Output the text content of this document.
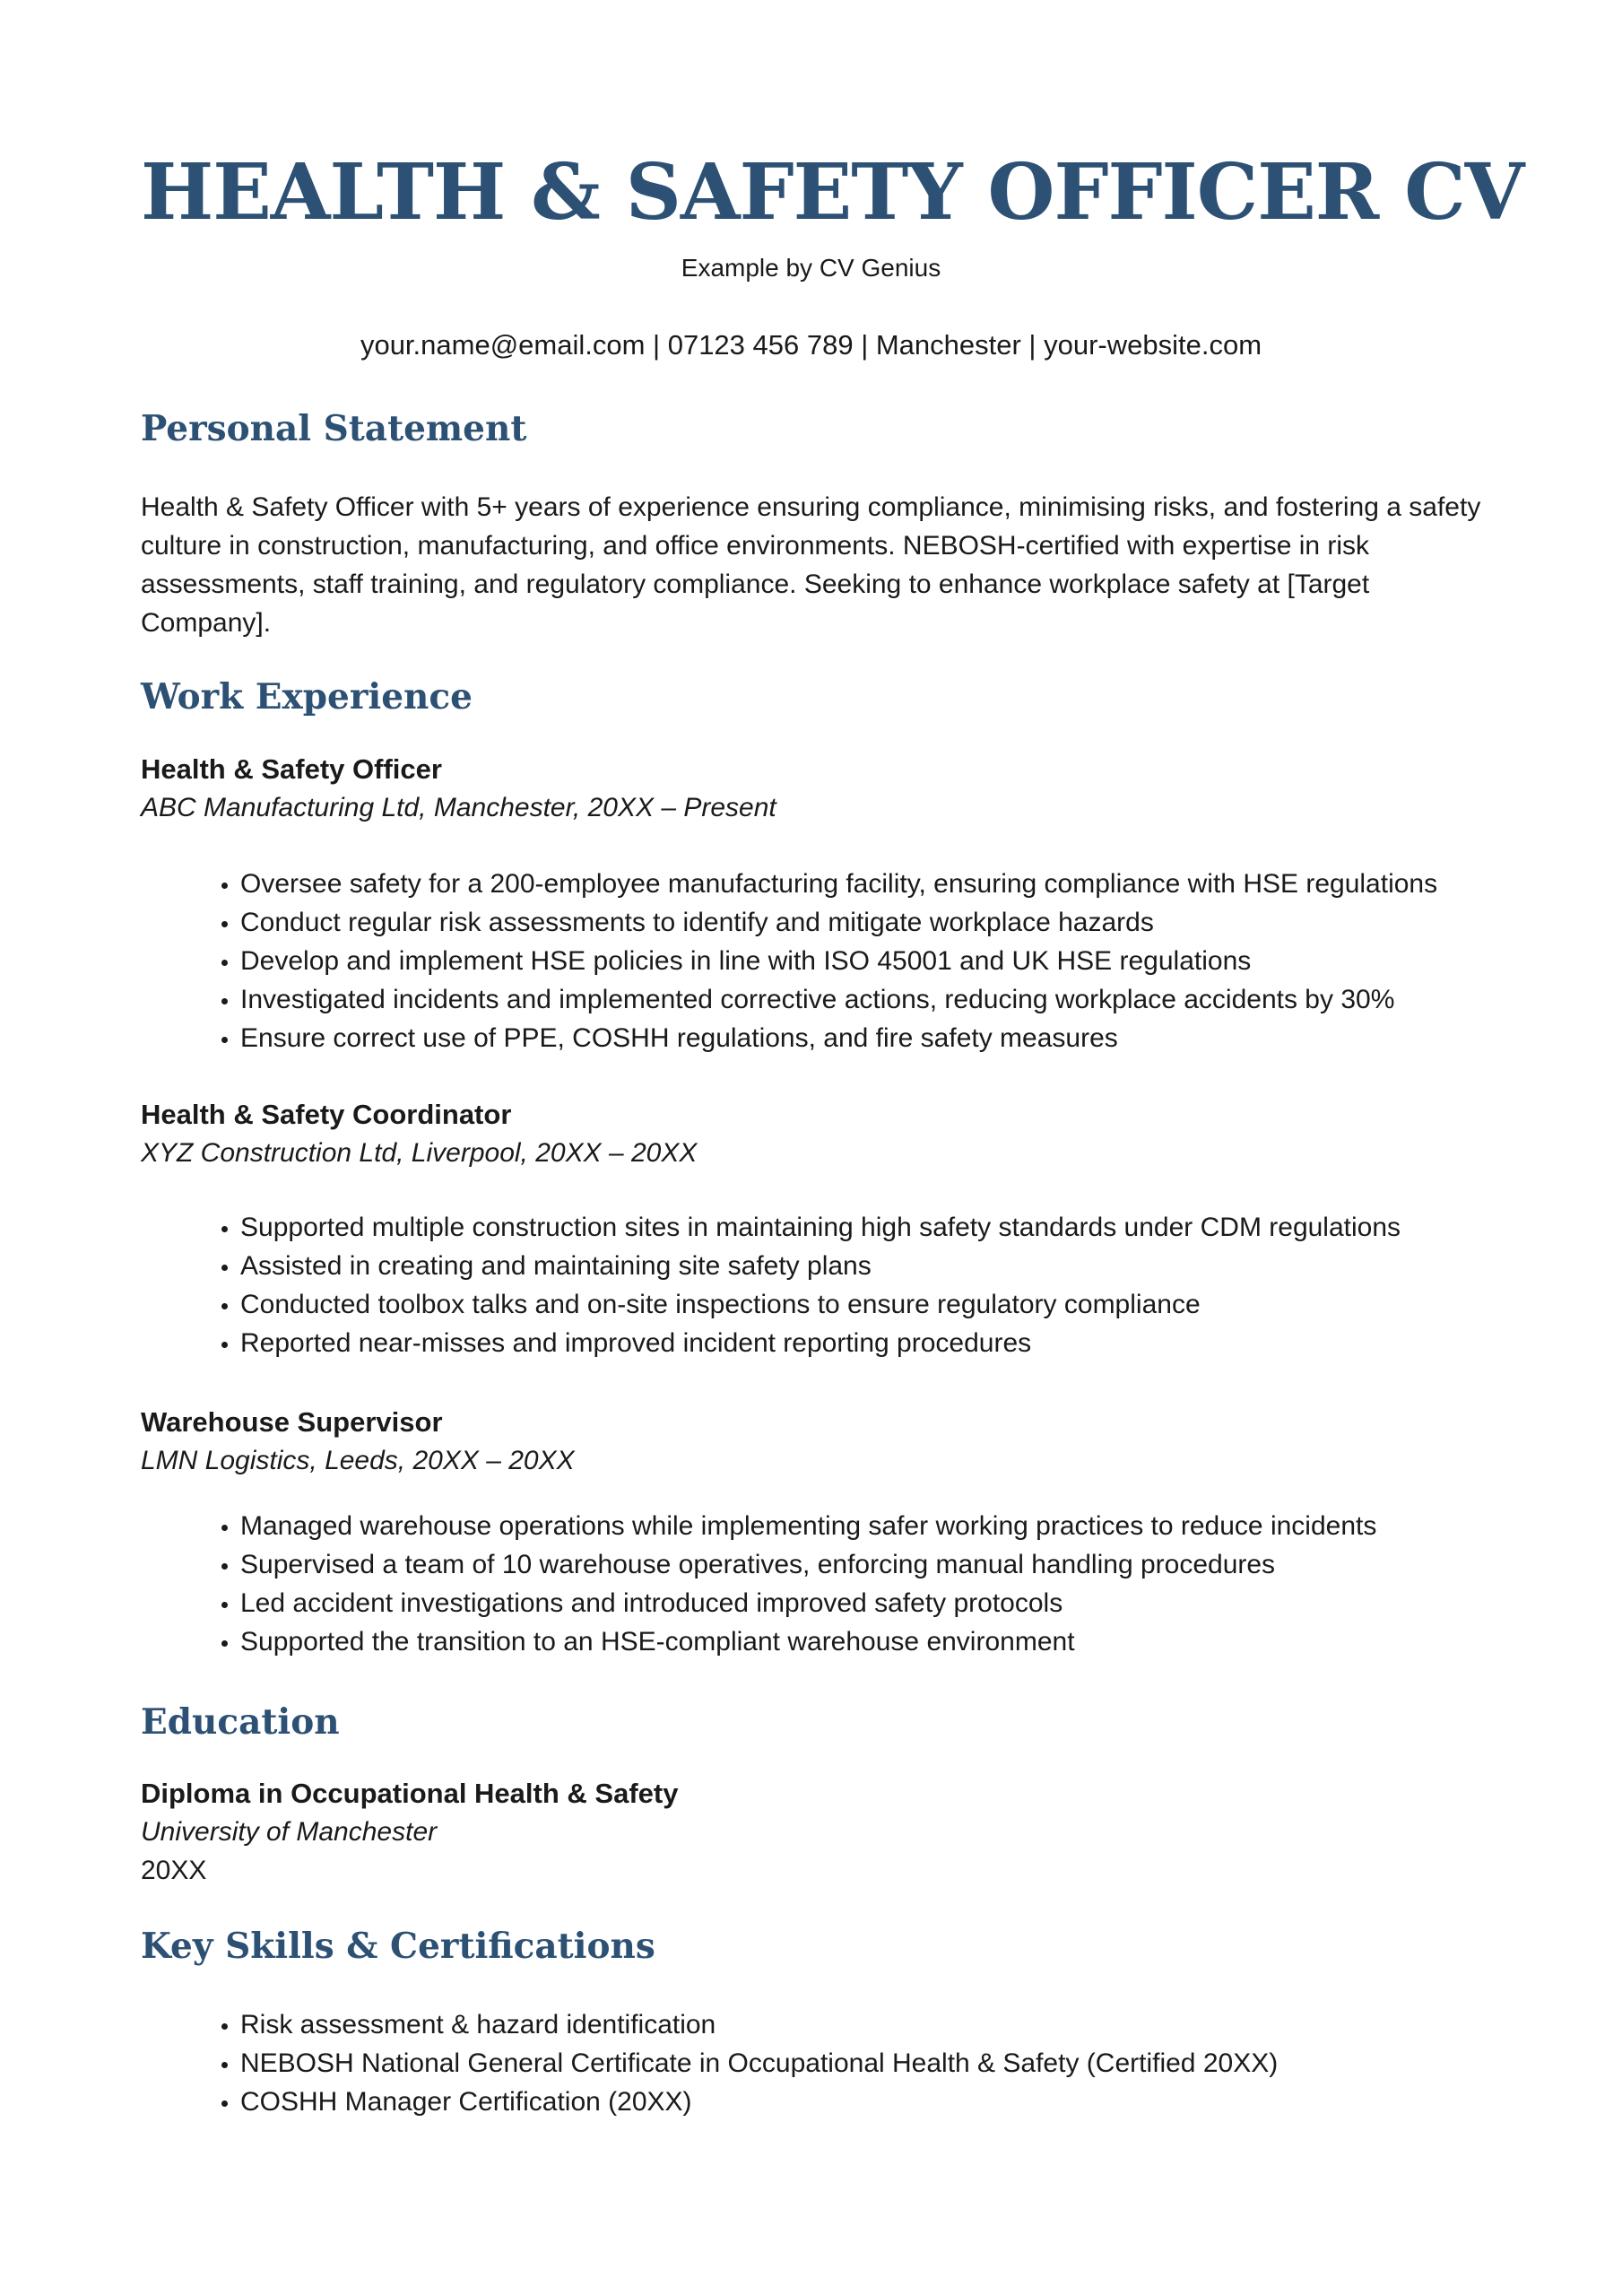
HEALTH & SAFETY OFFICER CV
Example by CV Genius
your.name@email.com | 07123 456 789 | Manchester | your-website.com
Personal Statement

Health & Safety Officer with 5+ years of experience ensuring compliance, minimising risks, and fostering a safety culture in construction, manufacturing, and office environments. NEBOSH-certified with expertise in risk assessments, staff training, and regulatory compliance. Seeking to enhance workplace safety at [Target Company].

Work Experience

Health & Safety Officer

ABC Manufacturing Ltd, Manchester, 20XX – Present

• Oversee safety for a 200-employee manufacturing facility, ensuring compliance with HSE regulations
• Conduct regular risk assessments to identify and mitigate workplace hazards
• Develop and implement HSE policies in line with ISO 45001 and UK HSE regulations
• Investigated incidents and implemented corrective actions, reducing workplace accidents by 30%
• Ensure correct use of PPE, COSHH regulations, and fire safety measures

Health & Safety Coordinator

XYZ Construction Ltd, Liverpool, 20XX – 20XX

• Supported multiple construction sites in maintaining high safety standards under CDM regulations
• Assisted in creating and maintaining site safety plans
• Conducted toolbox talks and on-site inspections to ensure regulatory compliance
• Reported near-misses and improved incident reporting procedures

Warehouse Supervisor

LMN Logistics, Leeds, 20XX – 20XX

• Managed warehouse operations while implementing safer working practices to reduce incidents
• Supervised a team of 10 warehouse operatives, enforcing manual handling procedures
• Led accident investigations and introduced improved safety protocols
• Supported the transition to an HSE-compliant warehouse environment
Education

Diploma in Occupational Health & Safety

University of Manchester

20XX

Key Skills & Certifications
• Risk assessment & hazard identification
• NEBOSH National General Certificate in Occupational Health & Safety (Certified 20XX)
• COSHH Manager Certification (20XX)
